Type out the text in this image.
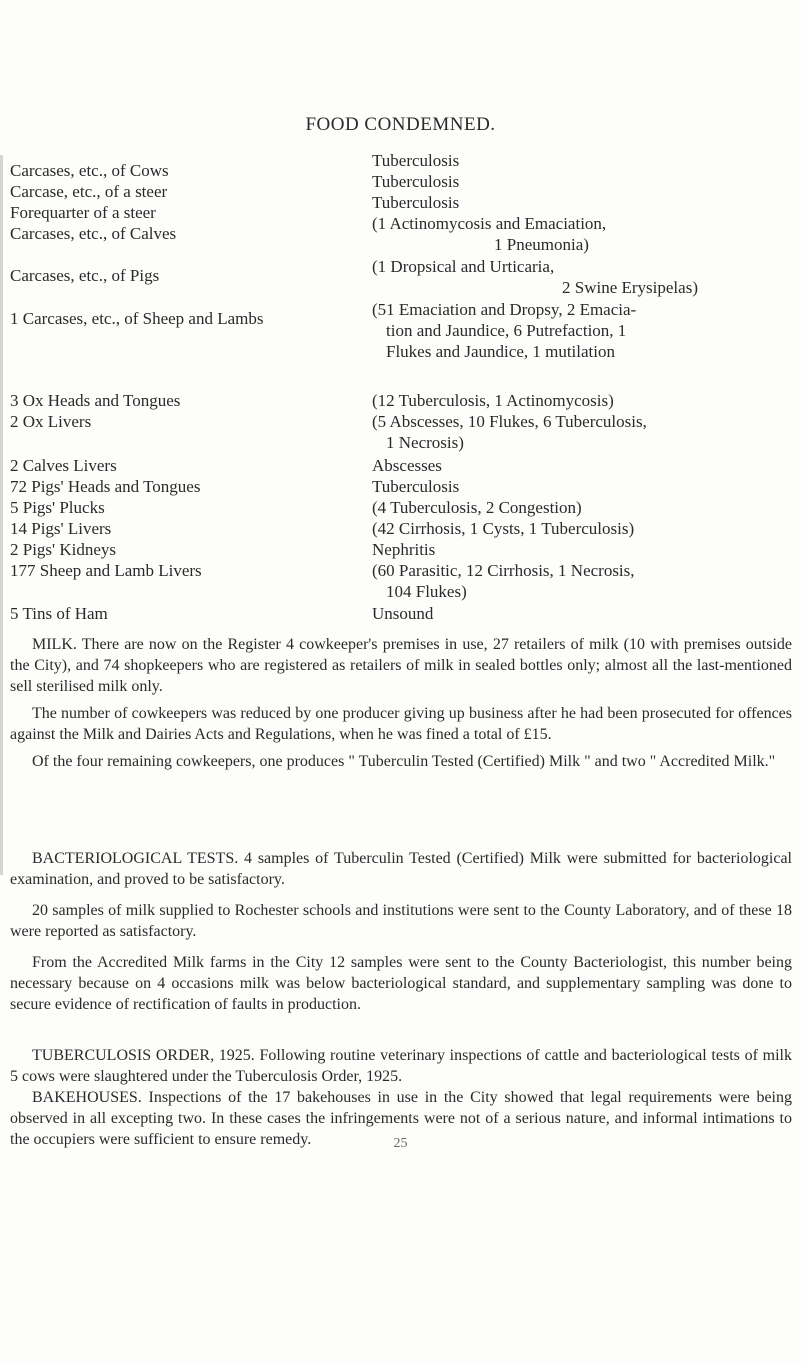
FOOD CONDEMNED.
Carcases, etc., of Cows
Carcase, etc., of a steer
Forequarter of a steer
Carcases, etc., of Calves
Carcases, etc., of Pigs
1 Carcases, etc., of Sheep and Lambs
3 Ox Heads and Tongues
2 Ox Livers
2 Calves Livers
72 Pigs' Heads and Tongues
5 Pigs' Plucks
14 Pigs' Livers
2 Pigs' Kidneys
177 Sheep and Lamb Livers
5 Tins of Ham
Tuberculosis
Tuberculosis
Tuberculosis
(1 Actinomycosis and Emaciation,
1 Pneumonia)
(1 Dropsical and Urticaria,
2 Swine Erysipelas)
(51 Emaciation and Dropsy, 2 Emacia-
tion and Jaundice, 6 Putrefaction, 1
Flukes and Jaundice, 1 mutilation
(12 Tuberculosis, 1 Actinomycosis)
(5 Abscesses, 10 Flukes, 6 Tuberculosis,
1 Necrosis)
Abscesses
Tuberculosis
(4 Tuberculosis, 2 Congestion)
(42 Cirrhosis, 1 Cysts, 1 Tuberculosis)
Nephritis
(60 Parasitic, 12 Cirrhosis, 1 Necrosis,
104 Flukes)
Unsound

MILK. There are now on the Register 4 cowkeeper's premises in use, 27 retailers of milk (10 with premises outside the City), and 74 shopkeepers who are registered as retailers of milk in sealed bottles only; almost all the last-mentioned sell sterilised milk only.

The number of cowkeepers was reduced by one producer giving up business after he had been prosecuted for offences against the Milk and Dairies Acts and Regulations, when he was fined a total of £15.

Of the four remaining cowkeepers, one produces " Tuberculin Tested (Certified) Milk " and two " Accredited Milk."

BACTERIOLOGICAL TESTS. 4 samples of Tuberculin Tested (Certified) Milk were submitted for bacteriological examination, and proved to be satisfactory.

20 samples of milk supplied to Rochester schools and institutions were sent to the County Laboratory, and of these 18 were reported as satisfactory.

From the Accredited Milk farms in the City 12 samples were sent to the County Bacteriologist, this number being necessary because on 4 occasions milk was below bacteriological standard, and supplementary sampling was done to secure evidence of rectification of faults in production.

TUBERCULOSIS ORDER, 1925. Following routine veterinary inspections of cattle and bacteriological tests of milk 5 cows were slaughtered under the Tuberculosis Order, 1925.

BAKEHOUSES. Inspections of the 17 bakehouses in use in the City showed that legal requirements were being observed in all excepting two. In these cases the infringements were not of a serious nature, and informal intimations to the occupiers were sufficient to ensure remedy.	25
